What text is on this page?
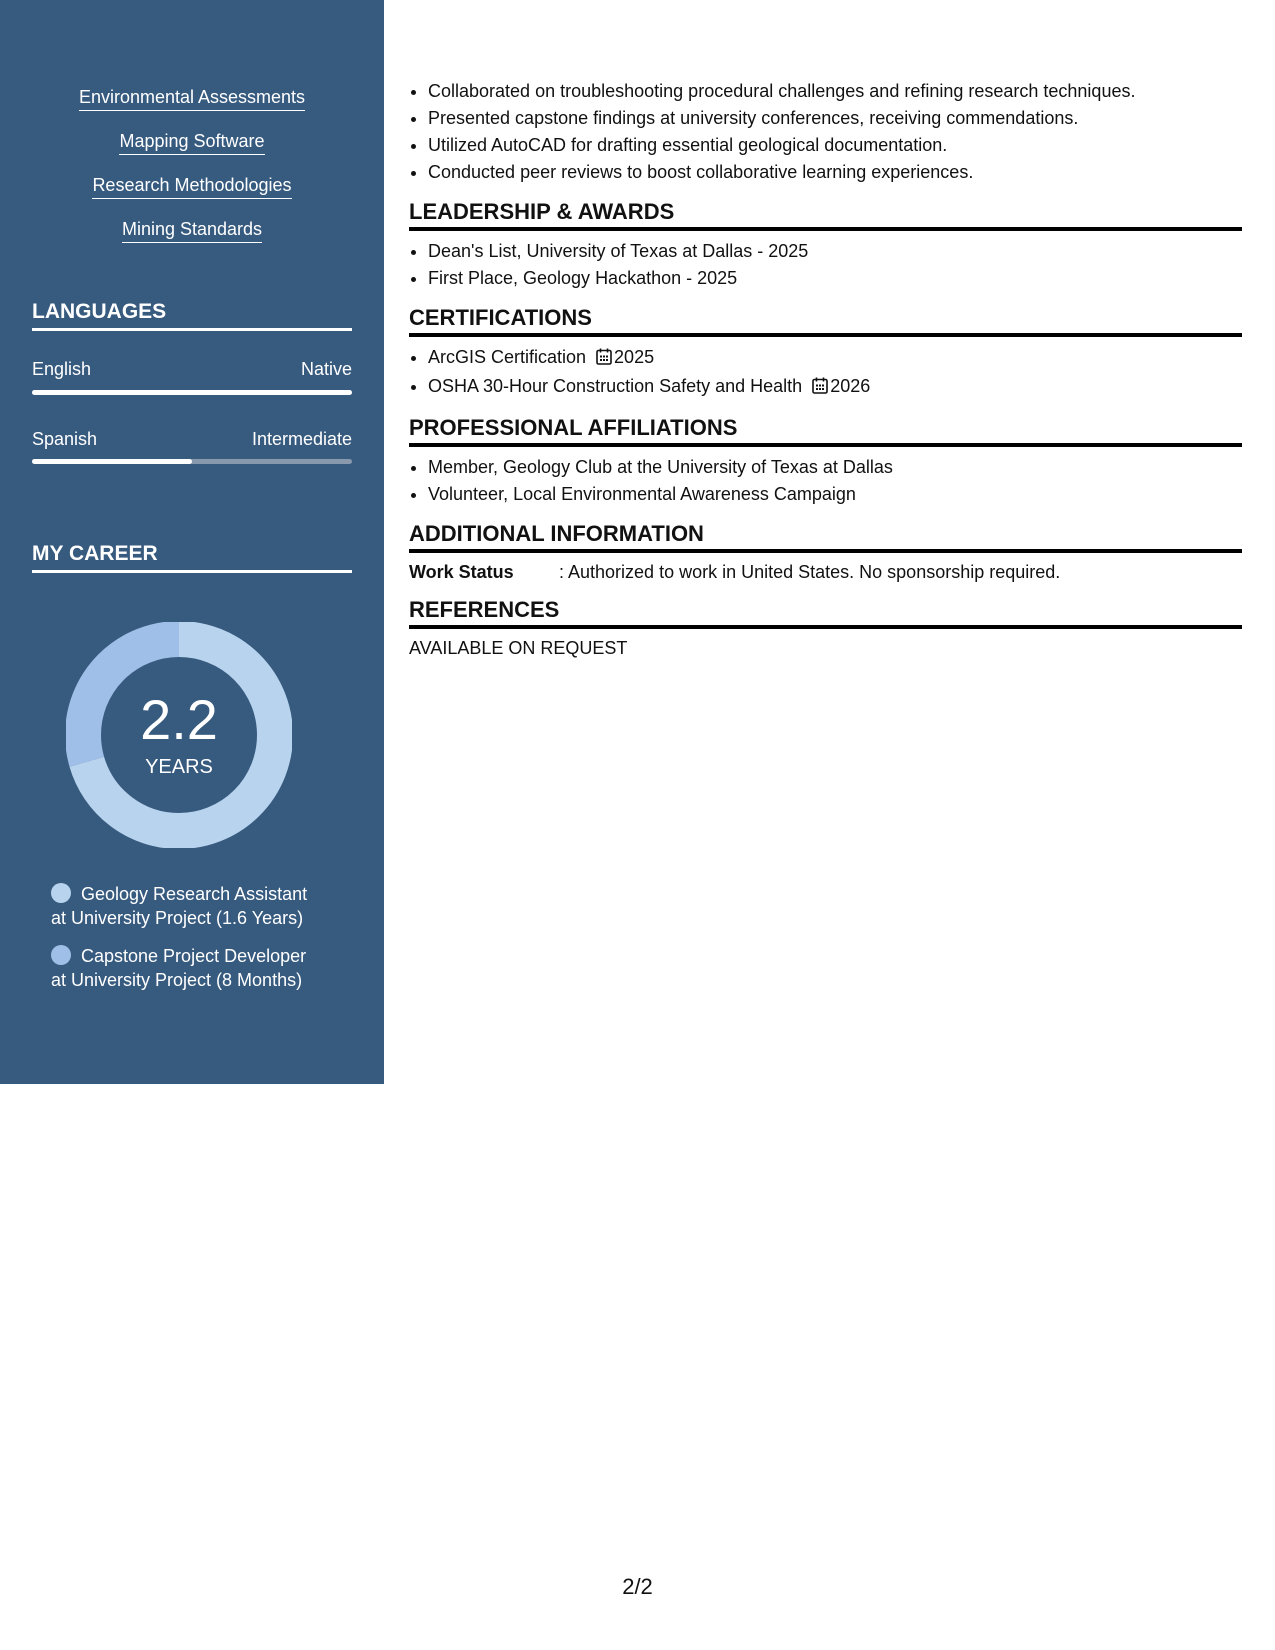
Environmental Assessments
Mapping Software
Research Methodologies
Mining Standards
LANGUAGES
English	Native
Spanish	Intermediate
MY CAREER
2.2
YEARS
Geology Research Assistant
at University Project (1.6 Years)
Capstone Project Developer
at University Project (8 Months)
• Collaborated on troubleshooting procedural challenges and refining research techniques.
• Presented capstone findings at university conferences, receiving commendations.
• Utilized AutoCAD for drafting essential geological documentation.
• Conducted peer reviews to boost collaborative learning experiences.
LEADERSHIP & AWARDS
• Dean's List, University of Texas at Dallas - 2025
• First Place, Geology Hackathon - 2025
CERTIFICATIONS
• ArcGIS Certification 2025
• OSHA 30-Hour Construction Safety and Health 2026
PROFESSIONAL AFFILIATIONS
• Member, Geology Club at the University of Texas at Dallas
• Volunteer, Local Environmental Awareness Campaign
ADDITIONAL INFORMATION
Work Status	: Authorized to work in United States. No sponsorship required.
REFERENCES
AVAILABLE ON REQUEST
2/2
